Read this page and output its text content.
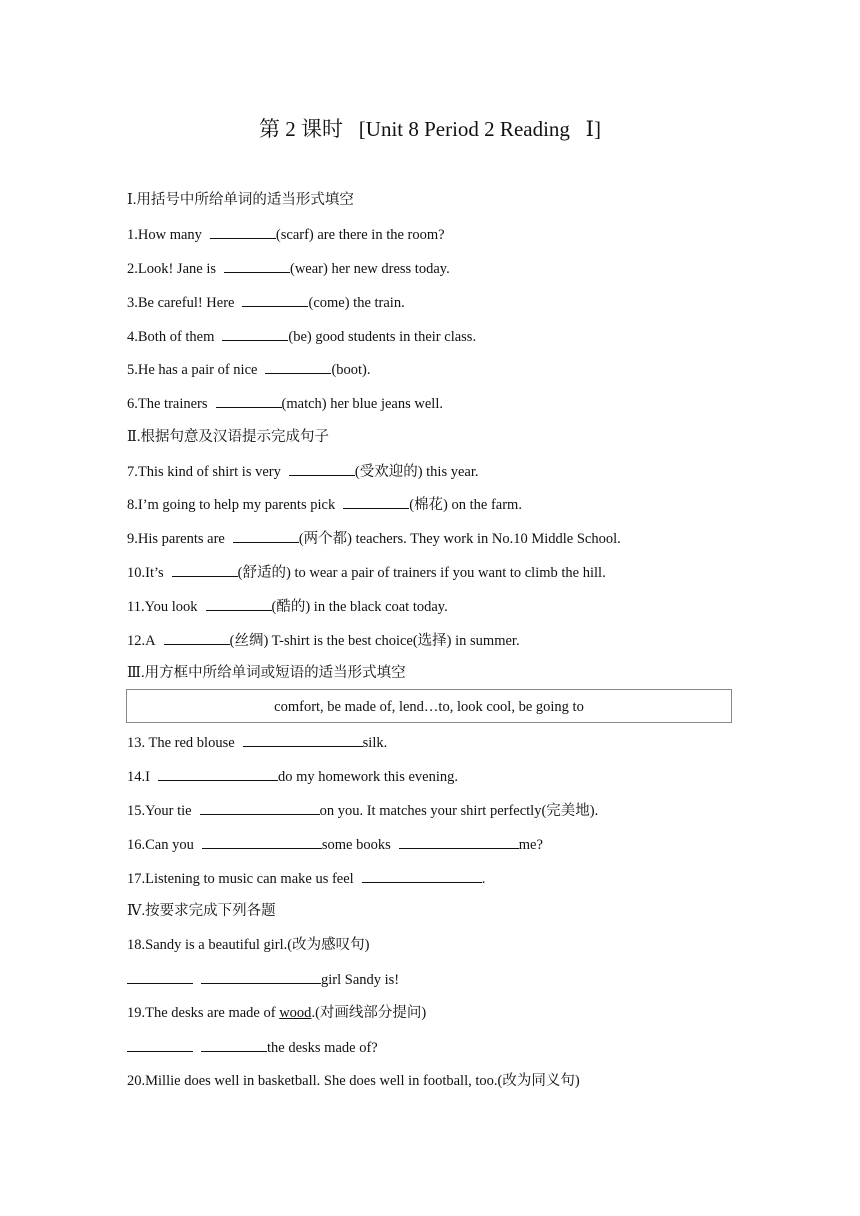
第 2 课时   [Unit 8 Period 2 Reading   Ⅰ]
Ⅰ.用括号中所给单词的适当形式填空
1.How many	(scarf) are there in the room?
2.Look! Jane is	(wear) her new dress today.
3.Be careful! Here	(come) the train.
4.Both of them	(be) good students in their class.
5.He has a pair of nice	(boot).
6.The trainers	(match) her blue jeans well.
Ⅱ.根据句意及汉语提示完成句子
7.This kind of shirt is very	(受欢迎的) this year.
8.I’m going to help my parents pick	(棉花) on the farm.
9.His parents are	(两个都) teachers. They work in No.10 Middle School.
10.It’s	(舒适的) to wear a pair of trainers if you want to climb the hill.
11.You look	(酷的) in the black coat today.
12.A	(丝绸) T-shirt is the best choice(选择) in summer.
Ⅲ.用方框中所给单词或短语的适当形式填空
comfort, be made of, lend…to, look cool, be going to
13. The red blouse	silk.
14.I	do my homework this evening.
15.Your tie	on you. It matches your shirt perfectly(完美地).
16.Can you	some books	me?
17.Listening to music can make us feel	.
Ⅳ.按要求完成下列各题
18.Sandy is a beautiful girl.(改为感叹句)
girl Sandy is!
19.The desks are made of wood.(对画线部分提问)
the desks made of?
20.Millie does well in basketball. She does well in football, too.(改为同义句)
